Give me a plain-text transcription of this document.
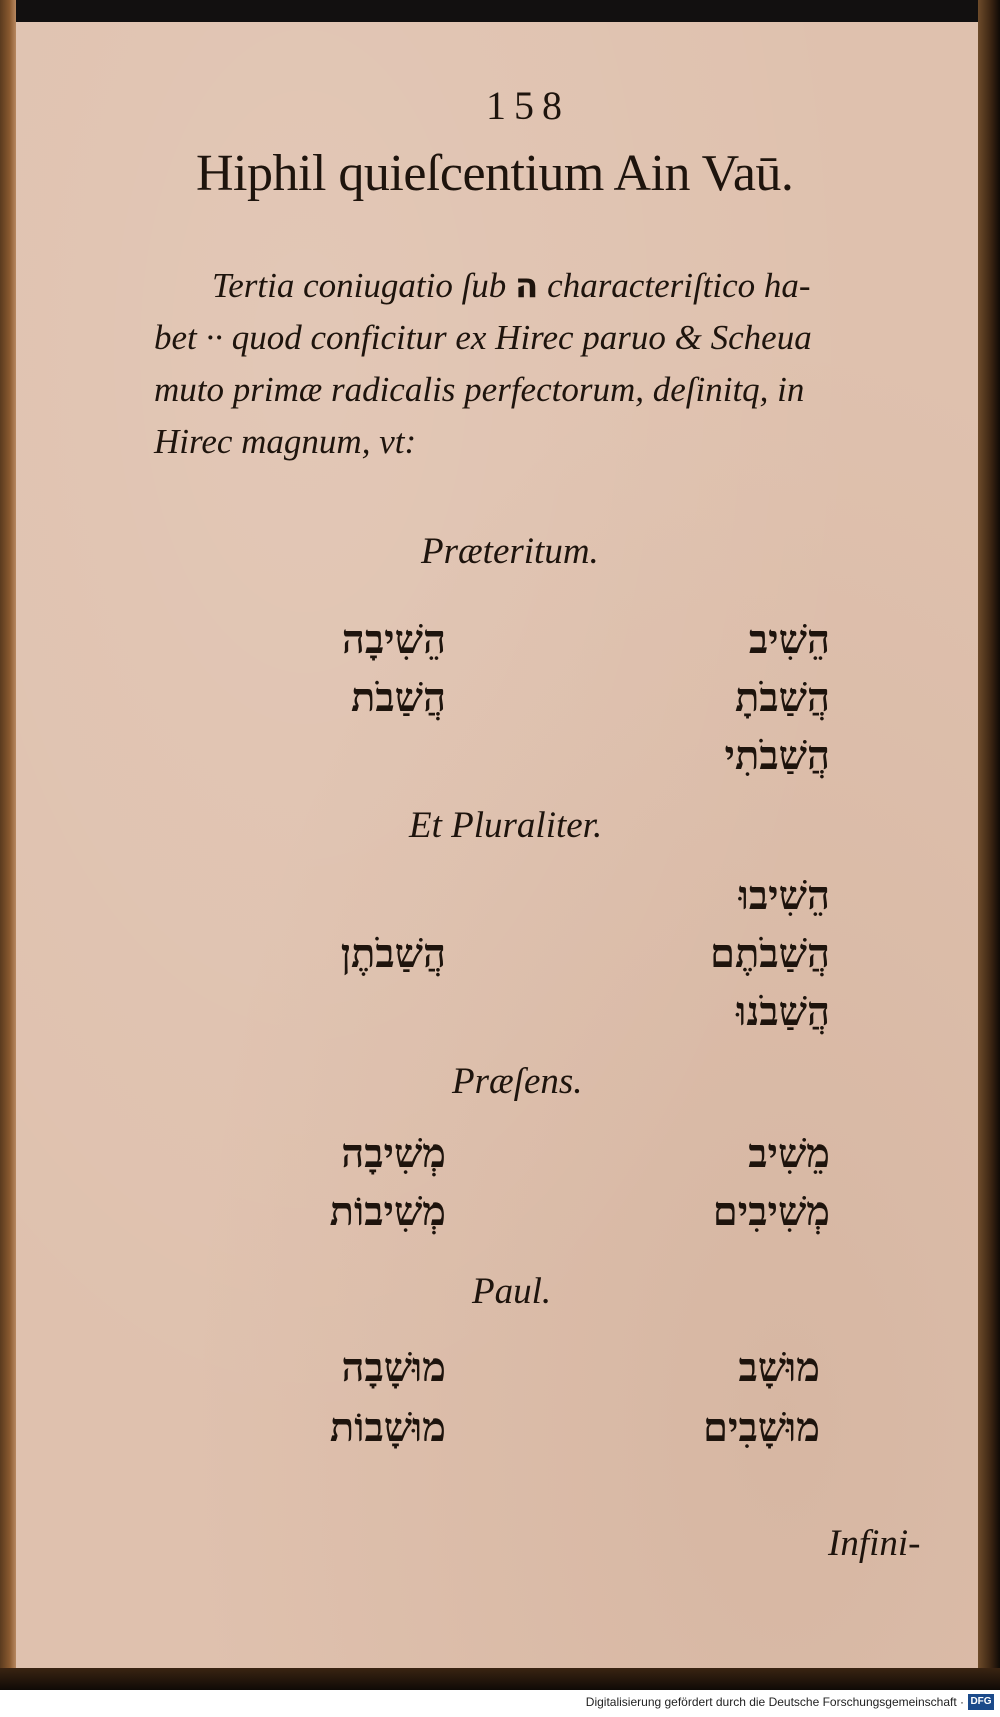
158
Hiphil quieſcentium Ain Vaū.
Tertia coniugatio ſub ה characteriſtico ha-
bet ·· quod conficitur ex Hirec paruo & Scheua
muto primæ radicalis perfectorum, deſinitq, in
Hirec magnum, vt:
Præteritum.
הֵשִׁיב
הֲשַׁבֹתָ
הֲשַׁבֹתִי
הֵשִׁיבָה
הֲשַׁבֹת
Et Pluraliter.
הֵשִׁיבוּ
הֲשַׁבֹתֶם
הֲשַׁבֹנוּ
הֲשַׁבֹתֶן
Præſens.
מֵשִׁיב
מְשִׁיבִים
מְשִׁיבָה
מְשִׁיבוֹת
Paul.
מוּשָׁב
מוּשָׁבִים
מוּשָׁבָה
מוּשָׁבוֹת
Infini-
Digitalisierung gefördert durch die Deutsche Forschungsgemeinschaft · DFG
